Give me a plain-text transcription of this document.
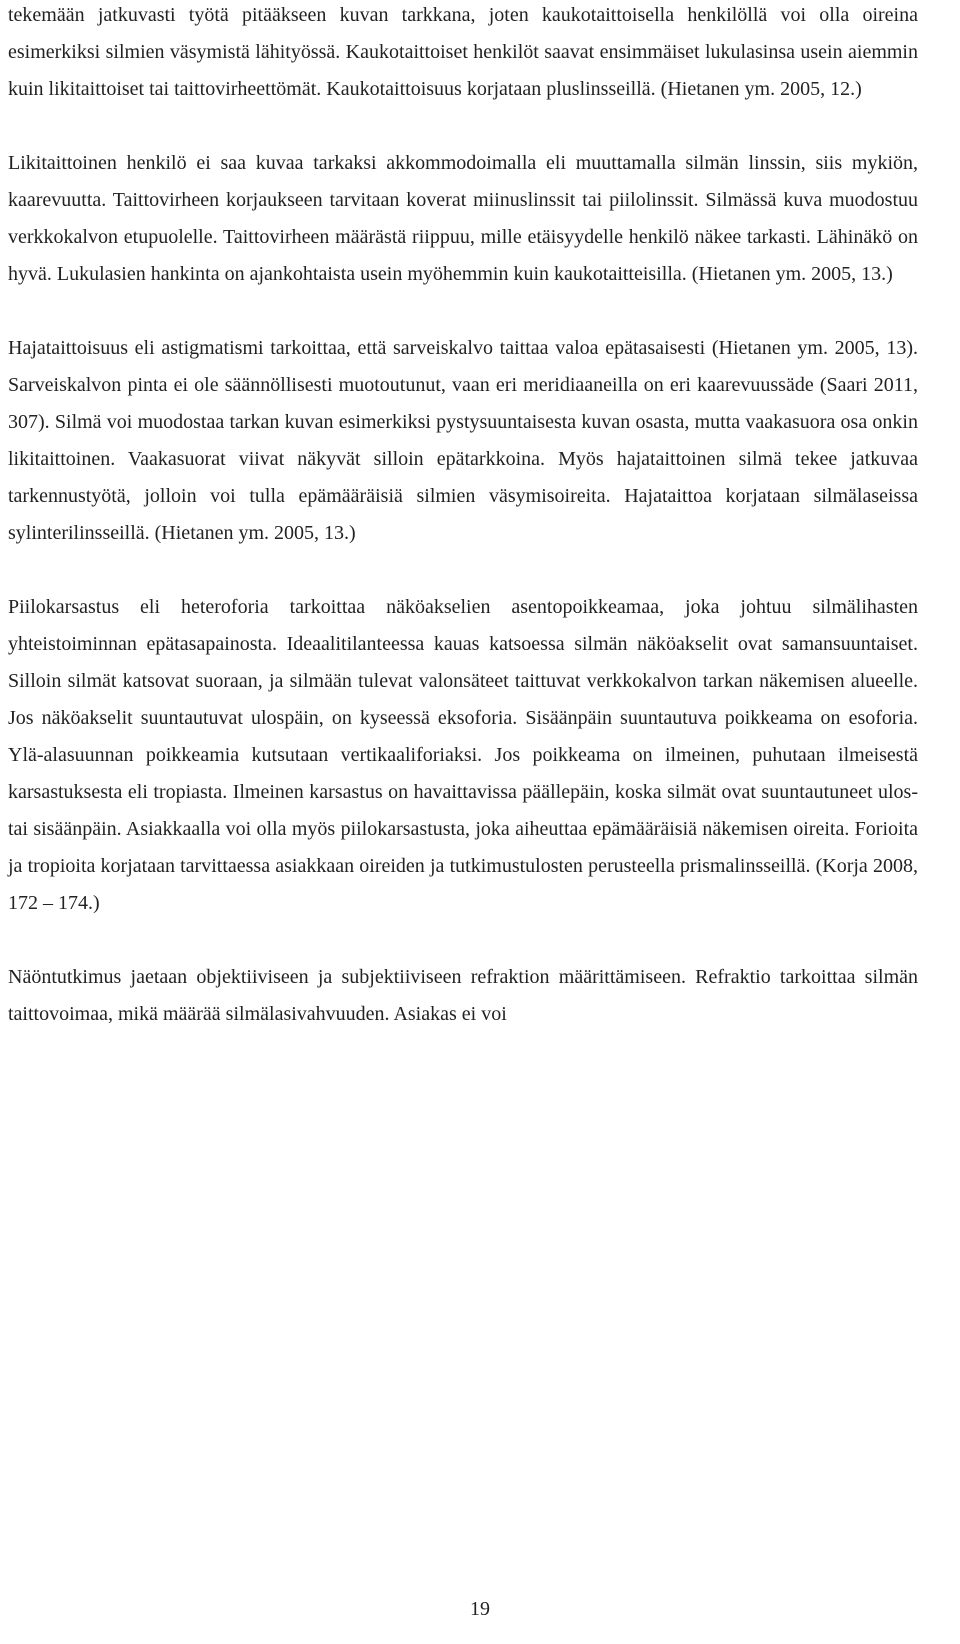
tekemään jatkuvasti työtä pitääkseen kuvan tarkkana, joten kaukotaittoisella henkilöllä voi olla oireina esimerkiksi silmien väsymistä lähityössä. Kaukotaittoiset henkilöt saavat ensimmäiset lukulasinsa usein aiemmin kuin likitaittoiset tai taittovirheettömät. Kaukotaittoisuus korjataan pluslinsseillä. (Hietanen ym. 2005, 12.)

Likitaittoinen henkilö ei saa kuvaa tarkaksi akkommodoimalla eli muuttamalla silmän linssin, siis mykiön, kaarevuutta. Taittovirheen korjaukseen tarvitaan koverat miinuslinssit tai piilolinssit. Silmässä kuva muodostuu verkkokalvon etupuolelle. Taittovirheen määrästä riippuu, mille etäisyydelle henkilö näkee tarkasti. Lähinäkö on hyvä. Lukulasien hankinta on ajankohtaista usein myöhemmin kuin kaukotaitteisilla. (Hietanen ym. 2005, 13.)

Hajataittoisuus eli astigmatismi tarkoittaa, että sarveiskalvo taittaa valoa epätasaisesti (Hietanen ym. 2005, 13). Sarveiskalvon pinta ei ole säännöllisesti muotoutunut, vaan eri meridiaaneilla on eri kaarevuussäde (Saari 2011, 307). Silmä voi muodostaa tarkan kuvan esimerkiksi pystysuuntaisesta kuvan osasta, mutta vaakasuora osa onkin likitaittoinen. Vaakasuorat viivat näkyvät silloin epätarkkoina. Myös hajataittoinen silmä tekee jatkuvaa tarkennustyötä, jolloin voi tulla epämääräisiä silmien väsymisoireita. Hajataittoa korjataan silmälaseissa sylinterilinsseillä. (Hietanen ym. 2005, 13.)

Piilokarsastus eli heteroforia tarkoittaa näköakselien asentopoikkeamaa, joka johtuu silmälihasten yhteistoiminnan epätasapainosta. Ideaalitilanteessa kauas katsoessa silmän näköakselit ovat samansuuntaiset. Silloin silmät katsovat suoraan, ja silmään tulevat valonsäteet taittuvat verkkokalvon tarkan näkemisen alueelle. Jos näköakselit suuntautuvat ulospäin, on kyseessä eksoforia. Sisäänpäin suuntautuva poikkeama on esoforia. Ylä-alasuunnan poikkeamia kutsutaan vertikaaliforiaksi. Jos poikkeama on ilmeinen, puhutaan ilmeisestä karsastuksesta eli tropiasta. Ilmeinen karsastus on havaittavissa päällepäin, koska silmät ovat suuntautuneet ulos- tai sisäänpäin. Asiakkaalla voi olla myös piilokarsastusta, joka aiheuttaa epämääräisiä näkemisen oireita. Forioita ja tropioita korjataan tarvittaessa asiakkaan oireiden ja tutkimustulosten perusteella prismalinsseillä. (Korja 2008, 172 – 174.)

Näöntutkimus jaetaan objektiiviseen ja subjektiiviseen refraktion määrittämiseen. Refraktio tarkoittaa silmän taittovoimaa, mikä määrää silmälasivahvuuden. Asiakas ei voi

19
